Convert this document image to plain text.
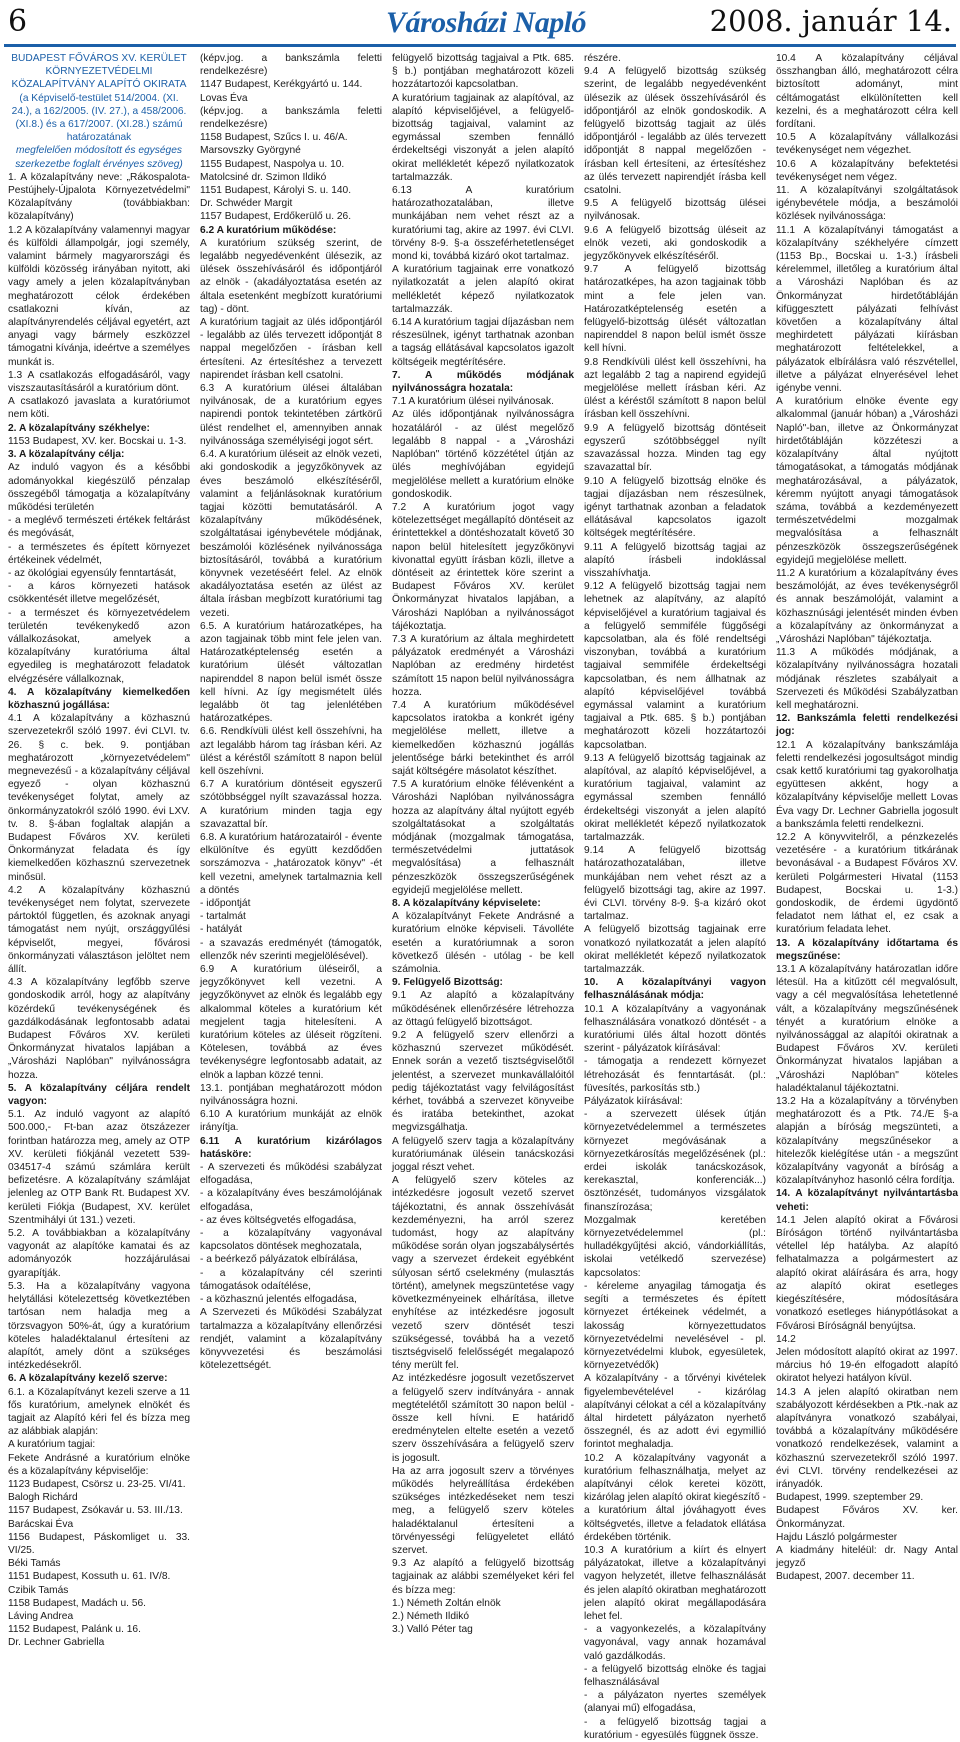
6	Városházi Napló	2008. január 14.

BUDAPEST FŐVÁROS XV. KERÜLET KÖRNYEZETVÉDELMI KÖZALAPÍTVÁNY ALAPÍTÓ OKIRATA

(a Képviselő-testület 514/2004. (XI. 24.), a 162/2005. (IV. 27.), a 458/2006. (XI.8.) és a 617/2007. (XI.28.) számú határozatának

megfelelően módosított és egységes szerkezetbe foglalt érvényes szöveg)

1. A közalapítvány neve: „Rákospalota-Pestújhely-Újpalota Környezetvédelmi" Közalapítvány (továbbiakban: közalapítvány)

1.2 A közalapítvány valamennyi magyar és külföldi állampolgár, jogi személy, valamint bármely magyarországi és külföldi közösség irányában nyitott, aki vagy amely a jelen közalapítványban meghatározott célok érdekében csatlakozni kíván, az alapítványrendelés céljával egyetért, azt anyagi vagy bármely eszközzel támogatni kívánja, ideértve a személyes munkát is.

1.3 A csatlakozás elfogadásáról, vagy viszszautasításáról a kuratórium dönt.

A csatlakozó javaslata a kuratóriumot nem köti.

2. A közalapítvány székhelye:

1153 Budapest, XV. ker. Bocskai u. 1-3.

3. A közalapítvány célja:

Az induló vagyon és a későbbi adományokkal kiegészülő pénzalap összegéből támogatja a közalapítvány működési területén

- a meglévő természeti értékek feltárást és megóvását,

- a természetes és épített környezet értékeinek védelmét,

- az ökológiai egyensúly fenntartását,

- a káros környezeti hatások csökkentését illetve megelőzését,

- a természet és környezetvédelem területén tevékenykedő azon vállalkozásokat, amelyek a közalapítvány kuratóriuma által egyedileg is meghatározott feladatok elvégzésére vállalkoznak,

4. A közalapítvány kiemelkedően közhasznú jogállása:

4.1 A közalapítvány a közhasznú szervezetekről szóló 1997. évi CLVI. tv. 26. § c. bek. 9. pontjában meghatározott „környezetvédelem" megnevezésű - a közalapítvány céljával egyező - olyan közhasznú tevékenységet folytat, amely az önkormányzatokról szóló 1990. évi LXV. tv. 8. §-ában foglaltak alapján a Budapest Főváros XV. kerületi Önkormányzat feladata és így kiemelkedően közhasznú szervezetnek minősül.

4.2 A közalapítvány közhasznú tevékenységet nem folytat, szervezete pártoktól független, és azoknak anyagi támogatást nem nyújt, országgyűlési képviselőt, megyei, fővárosi önkormányzati választáson jelöltet nem állít.

4.3 A közalapítvány legfőbb szerve gondoskodik arról, hogy az alapítvány közérdekű tevékenységének és gazdálkodásának legfontosabb adatai Budapest Főváros XV. kerületi Önkormányzat hivatalos lapjában a „Városházi Naplóban" nyilvánosságra hozza.

5. A közalapítvány céljára rendelt vagyon:

5.1. Az induló vagyont az alapító 500.000,- Ft-ban azaz ötszázezer forintban határozza meg, amely az OTP XV. kerületi fiókjánál vezetett 539-034517-4 számú számlára került befizetésre. A közalapítvány számlájat jelenleg az OTP Bank Rt. Budapest XV. kerületi Fiókja (Budapest, XV. kerület Szentmihályi út 131.) vezeti.

5.2. A továbbiakban a közalapítvány vagyonát az alapítóke kamatai és az adományozók hozzájárulásai gyarapítják.

5.3. Ha a közalapítvány vagyona helytállási kötelezettség következtében tartósan nem haladja meg a törzsvagyon 50%-át, úgy a kuratórium köteles haladéktalanul értesíteni az alapítót, amely dönt a szükséges intézkedésekről.

6. A közalapítvány kezelő szerve:

6.1. a Közalapítványt kezeli szerve a 11 fős kuratórium, amelynek elnökét és tagjait az Alapító kéri fel és bízza meg az alábbiak alapján:

A kuratórium tagjai:

Fekete Andrásné a kuratórium elnöke és a közalapítvány képviselője:

1123 Budapest, Csörsz u. 23-25. VI/41.

Balogh Richárd

1157 Budapest, Zsókavár u. 53. III./13.

Barácskai Éva

1156 Budapest, Páskomliget u. 33. VI/25.

Béki Tamás

1151 Budapest, Kossuth u. 61. IV/8.

Czibik Tamás

1158 Budapest, Madách u. 56.

Láving Andrea

1152 Budapest, Palánk u. 16.

Dr. Lechner Gabriella

(képv.jog. a bankszámla feletti rendelkezésre)

1147 Budapest, Kerékgyártó u. 144.

Lovas Éva

(képv.jog. a bankszámla feletti rendelkezésre)

1158 Budapest, Szűcs I. u. 46/A.

Marsovszky Györgyné

1155 Budapest, Naspolya u. 10.

Matolcsiné dr. Szimon Ildikó

1151 Budapest, Károlyi S. u. 140.

Dr. Schwéder Margit

1157 Budapest, Erdőkerülő u. 26.

6.2 A kuratórium működése:

A kuratórium szükség szerint, de legalább negyedévenként ülésezik, az ülések összehívásáról és időpontjáról az elnök - (akadályoztatása esetén az általa esetenként megbízott kuratóriumi tag) - dönt.

A kuratórium tagjait az ülés időpontjáról - legalább az ülés tervezett időpontját 8 nappal megelőzően - írásban kell értesíteni. Az értesítéshez a tervezett napirendet írásban kell csatolni.

6.3 A kuratórium ülései általában nyilvánosak, de a kuratórium egyes napirendi pontok tekintetében zártkörű ülést rendelhet el, amennyiben annak nyilvánossága személyiségi jogot sért.

6.4. A kuratórium üléseit az elnök vezeti, aki gondoskodik a jegyzőkönyvek az éves beszámoló elkészítéséről, valamint a feljánlásoknak kuratórium tagjai közötti bemutatásáról. A közalapítvány működésének, szolgáltatásai igénybevétele módjának, beszámolói közlésének nyilvánossága biztosításáról, továbbá a kuratórium könyvnek vezetéséért felel. Az elnök akadályoztatása esetén az ülést az általa írásban megbízott kuratóriumi tag vezeti.

6.5. A kuratórium határozatképes, ha azon tagjainak több mint fele jelen van. Határozatképtelenség esetén a kuratórium ülését változatlan napirenddel 8 napon belül ismét össze kell hívni. Az így megismételt ülés legalább öt tag jelenlétében határozatképes.

6.6. Rendkívüli ülést kell összehívni, ha azt legalább három tag írásban kéri. Az ülést a kéréstől számított 8 napon belül kell öszehívni.

6.7 A kuratórium döntéseit egyszerű szótöbbséggel nyílt szavazással hozza. A kuratórium minden tagja egy szavazattal bír.

6.8. A kuratórium határozatairól - évente elkülönítve és együtt kezdődően sorszámozva - „határozatok könyv" -ét kell vezetni, amelynek tartalmaznia kell a döntés

- időpontját

- tartalmát

- hatályát

- a szavazás eredményét (támogatók, ellenzők név szerinti megjelölésével).

6.9 A kuratórium üléseiről, a jegyzőkönyvet kell vezetni. A jegyzőkönyvet az elnök és legalább egy alkalommal köteles a kuratórium két megjelent tagja hitelesíteni. A kuratórium köteles az üléseit rögzíteni. Kötelesen, továbbá az éves tevékenységre legfontosabb adatait, az elnök a lapban közzé tenni.

13.1. pontjában meghatározott módon nyilvánosságra hozni.

6.10 A kuratórium munkáját az elnök irányítja.

6.11 A kuratórium kizárólagos hatásköre:

- A szervezeti és működési szabályzat elfogadása,

- a közalapítvány éves beszámolójának elfogadása,

- az éves költségvetés elfogadása,

- a közalapítvány vagyonával kapcsolatos döntések meghozatala,

- a beérkező pályázatok elbírálása,

- a közalapítvány cél szerinti támogatások odaítélése,

- a közhasznú jelentés elfogadása,

A Szervezeti és Működési Szabályzat tartalmazza a közalapítvány ellenőrzési rendjét, valamint a közalapítvány könyvvezetési és beszámolási kötelezettségét.

felügyelő bizottság tagjaival a Ptk. 685. § b.) pontjában meghatározott közeli hozzátartozói kapcsolatban.

A kuratórium tagjainak az alapítóval, az alapító képviselőjével, a felügyelő-bizottság tagjaival, valamint az egymással szemben fennálló érdekeltségi viszonyát a jelen alapító okirat mellékletét képező nyilatkozatok tartalmazzák.

6.13 A kuratórium határozathozatalában, illetve munkájában nem vehet részt az a kuratóriumi tag, akire az 1997. évi CLVI. törvény 8-9. §-a összeférhetetlenséget mond ki, továbbá kizáró okot tartalmaz.

A kuratórium tagjainak erre vonatkozó nyilatkozatát a jelen alapító okirat mellékletét képező nyilatkozatok tartalmazzák.

6.14 A kuratórium tagjai díjazásban nem részesülnek, igényt tarthatnak azonban a tagság ellátásával kapcsolatos igazolt költségeik megtérítésére.

7. A működés módjának nyilvánosságra hozatala:

7.1 A kuratórium ülései nyilvánosak.

Az ülés időpontjának nyilvánosságra hozatáláról - az ülést megelőző legalább 8 nappal - a „Városházi Naplóban" történő közzététel útján az ülés meghívójában egyidejű megjelölése mellett a kuratórium elnöke gondoskodik.

7.2 A kuratórium jogot vagy kötelezettséget megállapító döntéseit az érintettekkel a döntéshozatalt követő 30 napon belül hitelesített jegyzőkönyvi kivonattal együtt írásban közli, illetve a döntéseit az érintettek köre szerint a Budapest Főváros XV. kerület Önkormányzat hivatalos lapjában, a Városházi Naplóban a nyilvánosságot tájékoztatja.

7.3 A kuratórium az általa meghirdetett pályázatok eredményét a Városházi Naplóban az eredmény hirdetést számított 15 napon belül nyilvánosságra hozza.

7.4 A kuratórium működésével kapcsolatos iratokba a konkrét igény megjelölése mellett, illetve a kiemelkedően közhasznú jogállás jelentősége bárki betekinthet és arról saját költségére másolatot készíthet.

7.5 A kuratórium elnöke félévenként a Városházi Naplóban nyilvánosságra hozza az alapítvány által nyújtott egyéb szolgáltatásokat a szolgáltatás módjának (mozgalmak támogatása, természetvédelmi juttatások megvalósítása) a felhasznált pénzeszközök összegszerűségének egyidejű megjelölése mellett.

8. A közalapítvány képviselete:

A közalapítványt Fekete Andrásné a kuratórium elnöke képviseli. Távolléte esetén a kuratóriumnak a soron következő ülésén - utólag - be kell számolnia.

9. Felügyelő Bizottság:

9.1 Az alapító a közalapítvány működésének ellenőrzésére létrehozza az öttagú felügyelő bizottságot.

9.2 A felügyelő szerv ellenőrzi a közhasznú szervezet működését. Ennek során a vezető tisztségviselőtől jelentést, a szervezet munkavállalóitól pedig tájékoztatást vagy felvilágosítást kérhet, továbbá a szervezet könyveibe és iratába betekinthet, azokat megvizsgálhatja.

A felügyelő szerv tagja a közalapítvány kuratóriumának ülésein tanácskozási joggal részt vehet.

A felügyelő szerv köteles az intézkedésre jogosult vezető szervet tájékoztatni, és annak összehívását kezdeményezni, ha arról szerez tudomást, hogy az alapítvány működése során olyan jogszabálysértés vagy a szervezet érdekeit egyébként súlyosan sértő cselekmény (mulasztás történt), amelynek megszüntetése vagy következményeinek elhárítása, illetve enyhítése az intézkedésre jogosult vezető szerv döntését teszi szükségessé, továbbá ha a vezető tisztségviselő felelősségét megalapozó tény merült fel.

Az intézkedésre jogosult vezetőszervet a felügyelő szerv indítványára - annak megtételétől számított 30 napon belül - össze kell hívni. E határidő eredménytelen eltelte esetén a vezető szerv összehívására a felügyelő szerv is jogosult.

Ha az arra jogosult szerv a törvényes működés helyreállítása érdekében szükséges intézkedéseket nem teszi meg, a felügyelő szerv köteles haladéktalanul értesíteni a törvényességi felügyeletet ellátó szervet.

9.3 Az alapító a felügyelő bizottság tagjainak az alábbi személyeket kéri fel és bízza meg:

1.) Németh Zoltán elnök

2.) Németh Ildikó

3.) Valló Péter tag

részére.

9.4 A felügyelő bizottság szükség szerint, de legalább negyedévenként ülésezik az ülések összehívásáról és időpontjáról az elnök gondoskodik. A felügyelő bizottság tagjait az ülés időpontjáról - legalább az ülés tervezett időpontját 8 nappal megelőzően - írásban kell értesíteni, az értesítéshez az ülés tervezett napirendjét írásba kell csatolni.

9.5 A felügyelő bizottság ülései nyilvánosak.

9.6 A felügyelő bizottság üléseit az elnök vezeti, aki gondoskodik a jegyzőkönyvek elkészítéséről.

9.7 A felügyelő bizottság határozatképes, ha azon tagjainak több mint a fele jelen van. Határozatképtelenség esetén a felügyelő-bizottság ülését változatlan napirenddel 8 napon belül ismét össze kell hívni.

9.8 Rendkívüli ülést kell összehívni, ha azt legalább 2 tag a napirend egyidejű megjelölése mellett írásban kéri. Az ülést a kéréstől számított 8 napon belül írásban kell összehívni.

9.9 A felügyelő bizottság döntéseit egyszerű szótöbbséggel nyílt szavazással hozza. Minden tag egy szavazattal bír.

9.10 A felügyelő bizottság elnöke és tagjai díjazásban nem részesülnek, igényt tarthatnak azonban a feladatok ellátásával kapcsolatos igazolt költségek megtérítésére.

9.11 A felügyelő bizottság tagjai az alapító írásbeli indoklással visszahívhatja.

9.12 A felügyelő bizottság tagjai nem lehetnek az alapítvány, az alapító képviselőjével a kuratórium tagjaival és a felügyelő semmiféle függőségi kapcsolatban, ala és fölé rendeltségi viszonyban, továbbá a kuratórium tagjaival semmiféle érdekeltségi kapcsolatban, és nem állhatnak az alapító képviselőjével továbbá egymással valamint a kuratórium tagjaival a Ptk. 685. § b.) pontjában meghatározott közeli hozzátartozói kapcsolatban.

9.13 A felügyelő bizottság tagjainak az alapítóval, az alapító képviselőjével, a kuratórium tagjaival, valamint az egymással szemben fennálló érdekeltségi viszonyát a jelen alapító okirat mellékletét képező nyilatkozatok tartalmazzák.

9.14 A felügyelő bizottság határozathozatalában, illetve munkájában nem vehet részt az a felügyelő bizottsági tag, akire az 1997. évi CLVI. törvény 8-9. §-a kizáró okot tartalmaz.

A felügyelő bizottság tagjainak erre vonatkozó nyilatkozatát a jelen alapító okirat mellékletét képező nyilatkozatok tartalmazzák.

10. A közalapítványi vagyon felhasználásának módja:

10.1 A közalapítvány a vagyonának felhasználására vonatkozó döntését - a kuratóriumi ülés által hozott döntés szerint - pályázatok kiírásával:

- támogatja a rendezett környezet létrehozását és fenntartását. (pl.: füvesítés, parkosítás stb.)

Pályázatok kiírásával:

- a szervezett ülések útján környezetvédelemmel a természetes környezet megóvásának a környezetkárosítás megelőzésének (pl.: erdei iskolák tanácskozások, kerekasztal, konferenciák...) ösztönzését, tudományos vizsgálatok finanszírozása;

Mozgalmak keretében környezetvédelemmel (pl.: hulladékgyűjtési akció, vándorkiállítás, iskolai vetélkedő szervezése) kapcsolatos:

- kéreleme anyagilag támogatja és segíti a természetes és épített környezet értékeinek védelmét, a lakosság környezettudatos környezetvédelmi nevelésével - pl. környezetvédelmi klubok, egyesületek, környezetvédők)

A közalapítvány - a tőrvényi kivételek figyelembevételével - kizárólag alapítványi célokat a cél a közalapítvány által hirdetett pályázaton nyerhető összegnél, és az adott évi egymillió forintot meghaladja.

10.2 A közalapítvány vagyonát a kuratórium felhasználhatja, melyet az alapítványi célok keretei között, kizárólag jelen alapító okirat kiegészítő - a kuratórium által jóváhagyott éves költségvetés, illetve a feladatok ellátása érdekében történik.

10.3 A kuratórium a kiírt és elnyert pályázatokat, illetve a közalapítványi vagyon helyzetét, illetve felhasználását és jelen alapító okiratban meghatározott jelen alapító okirat megállapodására lehet fel.

- a vagyonkezelés, a közalapítvány vagyonával, vagy annak hozamával való gazdálkodás.

- a felügyelő bizottság elnöke és tagjai felhasználásával

- a pályázaton nyertes személyek (alanyai mű) elfogadása,

- a felügyelő bizottság tagjai a kuratórium - egyesülés függnek össze.

10.4 A közalapítvány céljával összhangban álló, meghatározott célra biztosított adományt, mint céltámogatást elkülönítetten kell kezelni, és a meghatározott célra kell fordítani.

10.5 A közalapítvány vállalkozási tevékenységet nem végezhet.

10.6 A közalapítvány befektetési tevékenységet nem végez.

11. A közalapítványi szolgáltatások igénybevétele módja, a beszámolói közlések nyilvánossága:

11.1 A közalapítványi támogatást a közalapítvány székhelyére címzett (1153 Bp., Bocskai u. 1-3.) írásbeli kérelemmel, illetőleg a kuratórium által a Városházi Naplóban és az Önkormányzat hirdetőtábláján kifüggesztett pályázati felhívást követően a közalapítvány által meghirdetett pályázati kiírásban meghatározott feltételekkel, a pályázatok elbírálásra való részvétellel, illetve a pályázat elnyerésével lehet igénybe venni.

A kuratórium elnöke évente egy alkalommal (január hóban) a „Városházi Napló"-ban, illetve az Önkormányzat hirdetőtábláján közzéteszi a közalapítvány által nyújtott támogatásokat, a támogatás módjának meghatározásával, a pályázatok, kéremm nyújtott anyagi támogatások száma, továbbá a kezdeményezett természetvédelmi mozgalmak megvalósítása a felhasznált pénzeszközök összegszerűségének egyidejű megjelölése mellett.

11.2 A kuratórium a közalapítvány éves beszámolóját, az éves tevékenységről és annak beszámolóját, valamint a közhasznúsági jelentését minden évben a közalapítvány az önkormányzat a „Városházi Naplóban" tájékoztatja.

11.3 A működés módjának, a közalapítvány nyilvánosságra hozatali módjának részletes szabályait a Szervezeti és Működési Szabályzatban kell meghatározni.

12. Bankszámla feletti rendelkezési jog:

12.1 A közalapítvány bankszámlája feletti rendelkezési jogosultságot mindig csak kettő kuratóriumi tag gyakorolhatja együttesen akként, hogy a közalapítvány képviselője mellett Lovas Éva vagy Dr. Lechner Gabriella jogosult a bankszámla feletti rendelkezni.

12.2 A könyvvitelről, a pénzkezelés vezetésére - a kuratórium titkárának bevonásával - a Budapest Főváros XV. kerületi Polgármesteri Hivatal (1153 Budapest, Bocskai u. 1-3.) gondoskodik, de érdemi ügydöntő feladatot nem láthat el, ez csak a kuratórium feladata lehet.

13. A közalapítvány időtartama és megszűnése:

13.1 A közalapítvány határozatlan időre létesül. Ha a kitűzött cél megvalósult, vagy a cél megvalósítása lehetetlenné vált, a közalapítvány megszűnésének tényét a kuratórium elnöke a nyilvánossággal az alapítói okiratnak a Budapest Főváros XV. kerületi Önkormányzat hivatalos lapjában a „Városházi Naplóban" köteles haladéktalanul tájékoztatni.

13.2 Ha a közalapítvány a törvényben meghatározott és a Ptk. 74./E §-a alapján a bíróság megszünteti, a közalapítvány megszűnésekor a hitelezők kielégítése után - a megszűnt közalapítvány vagyonát a bíróság a közalapítványhoz hasonló célra fordítja.

14. A közalapítványt nyilvántartásba veheti:

14.1 Jelen alapító okirat a Fővárosi Bíróságon történő nyilvántartásba vétellel lép hatályba. Az alapító felhatalmazza a polgármestert az alapító okirat aláírására és arra, hogy az alapító okirat esetleges kiegészítésére, módosítására vonatkozó esetleges hiánypótlásokat a Fővárosi Bíróságnál benyújtsa.

14.2

Jelen módosított alapító okirat az 1997. március hó 19-én elfogadott alapító okiratot helyezi hatályon kívül.

14.3 A jelen alapító okiratban nem szabályozott kérdésekben a Ptk.-nak az alapítványra vonatkozó szabályai, továbbá a közalapítvány működésére vonatkozó rendelkezések, valamint a közhasznú szervezetekről szóló 1997. évi CLVI. törvény rendelkezései az irányadók.

Budapest, 1999. szeptember 29.

Budapest Főváros XV. ker. Önkormányzat.

Hajdu László polgármester

A kiadmány hiteléül: dr. Nagy Antal jegyző

Budapest, 2007. december 11.
